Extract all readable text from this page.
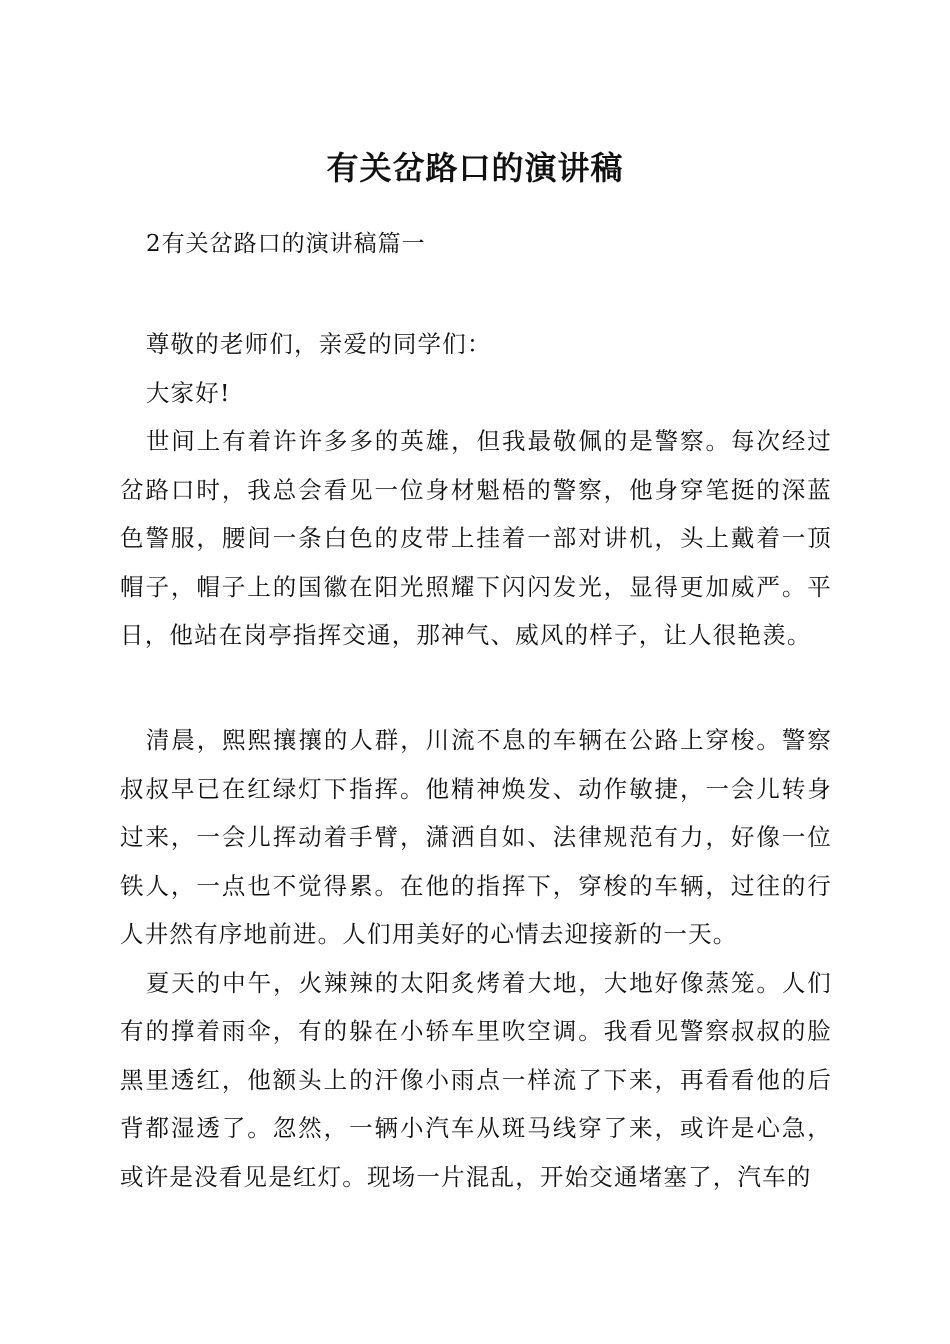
有关岔路口的演讲稿
2有关岔路口的演讲稿篇一

尊敬的老师们，亲爱的同学们：

大家好!

世间上有着许许多多的英雄，但我最敬佩的是警察。每次经过岔路口时，我总会看见一位身材魁梧的警察，他身穿笔挺的深蓝色警服，腰间一条白色的皮带上挂着一部对讲机，头上戴着一顶帽子，帽子上的国徽在阳光照耀下闪闪发光，显得更加威严。平日，他站在岗亭指挥交通，那神气、威风的样子，让人很艳羡。

清晨，熙熙攘攘的人群，川流不息的车辆在公路上穿梭。警察叔叔早已在红绿灯下指挥。他精神焕发、动作敏捷，一会儿转身过来，一会儿挥动着手臂，潇洒自如、法律规范有力，好像一位铁人，一点也不觉得累。在他的指挥下，穿梭的车辆，过往的行人井然有序地前进。人们用美好的心情去迎接新的一天。

夏天的中午，火辣辣的太阳炙烤着大地，大地好像蒸笼。人们有的撑着雨伞，有的躲在小轿车里吹空调。我看见警察叔叔的脸黑里透红，他额头上的汗像小雨点一样流了下来，再看看他的后背都湿透了。忽然，一辆小汽车从斑马线穿了来，或许是心急，或许是没看见是红灯。现场一片混乱，开始交通堵塞了，汽车的
